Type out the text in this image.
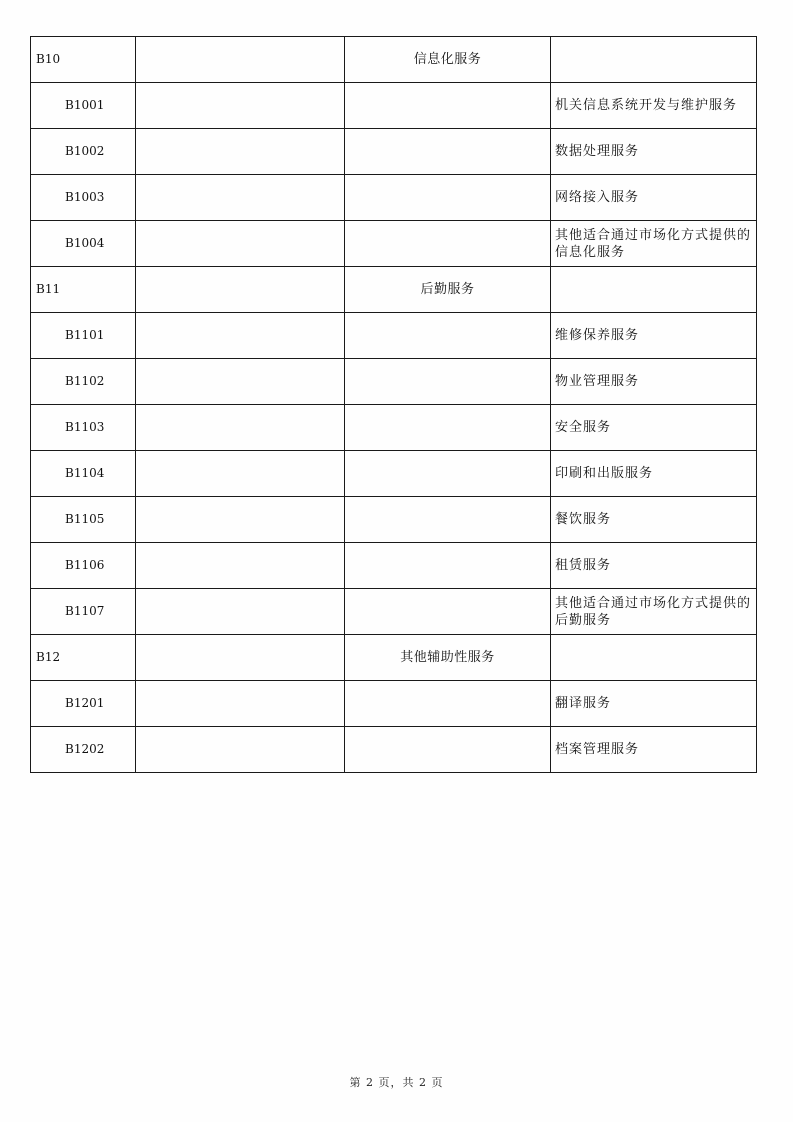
B10		信息化服务	
B1001			机关信息系统开发与维护服务
B1002			数据处理服务
B1003			网络接入服务
B1004			其他适合通过市场化方式提供的信息化服务
B11		后勤服务	
B1101			维修保养服务
B1102			物业管理服务
B1103			安全服务
B1104			印刷和出版服务
B1105			餐饮服务
B1106			租赁服务
B1107			其他适合通过市场化方式提供的后勤服务
B12		其他辅助性服务	
B1201			翻译服务
B1202			档案管理服务
第 2 页，共 2 页
